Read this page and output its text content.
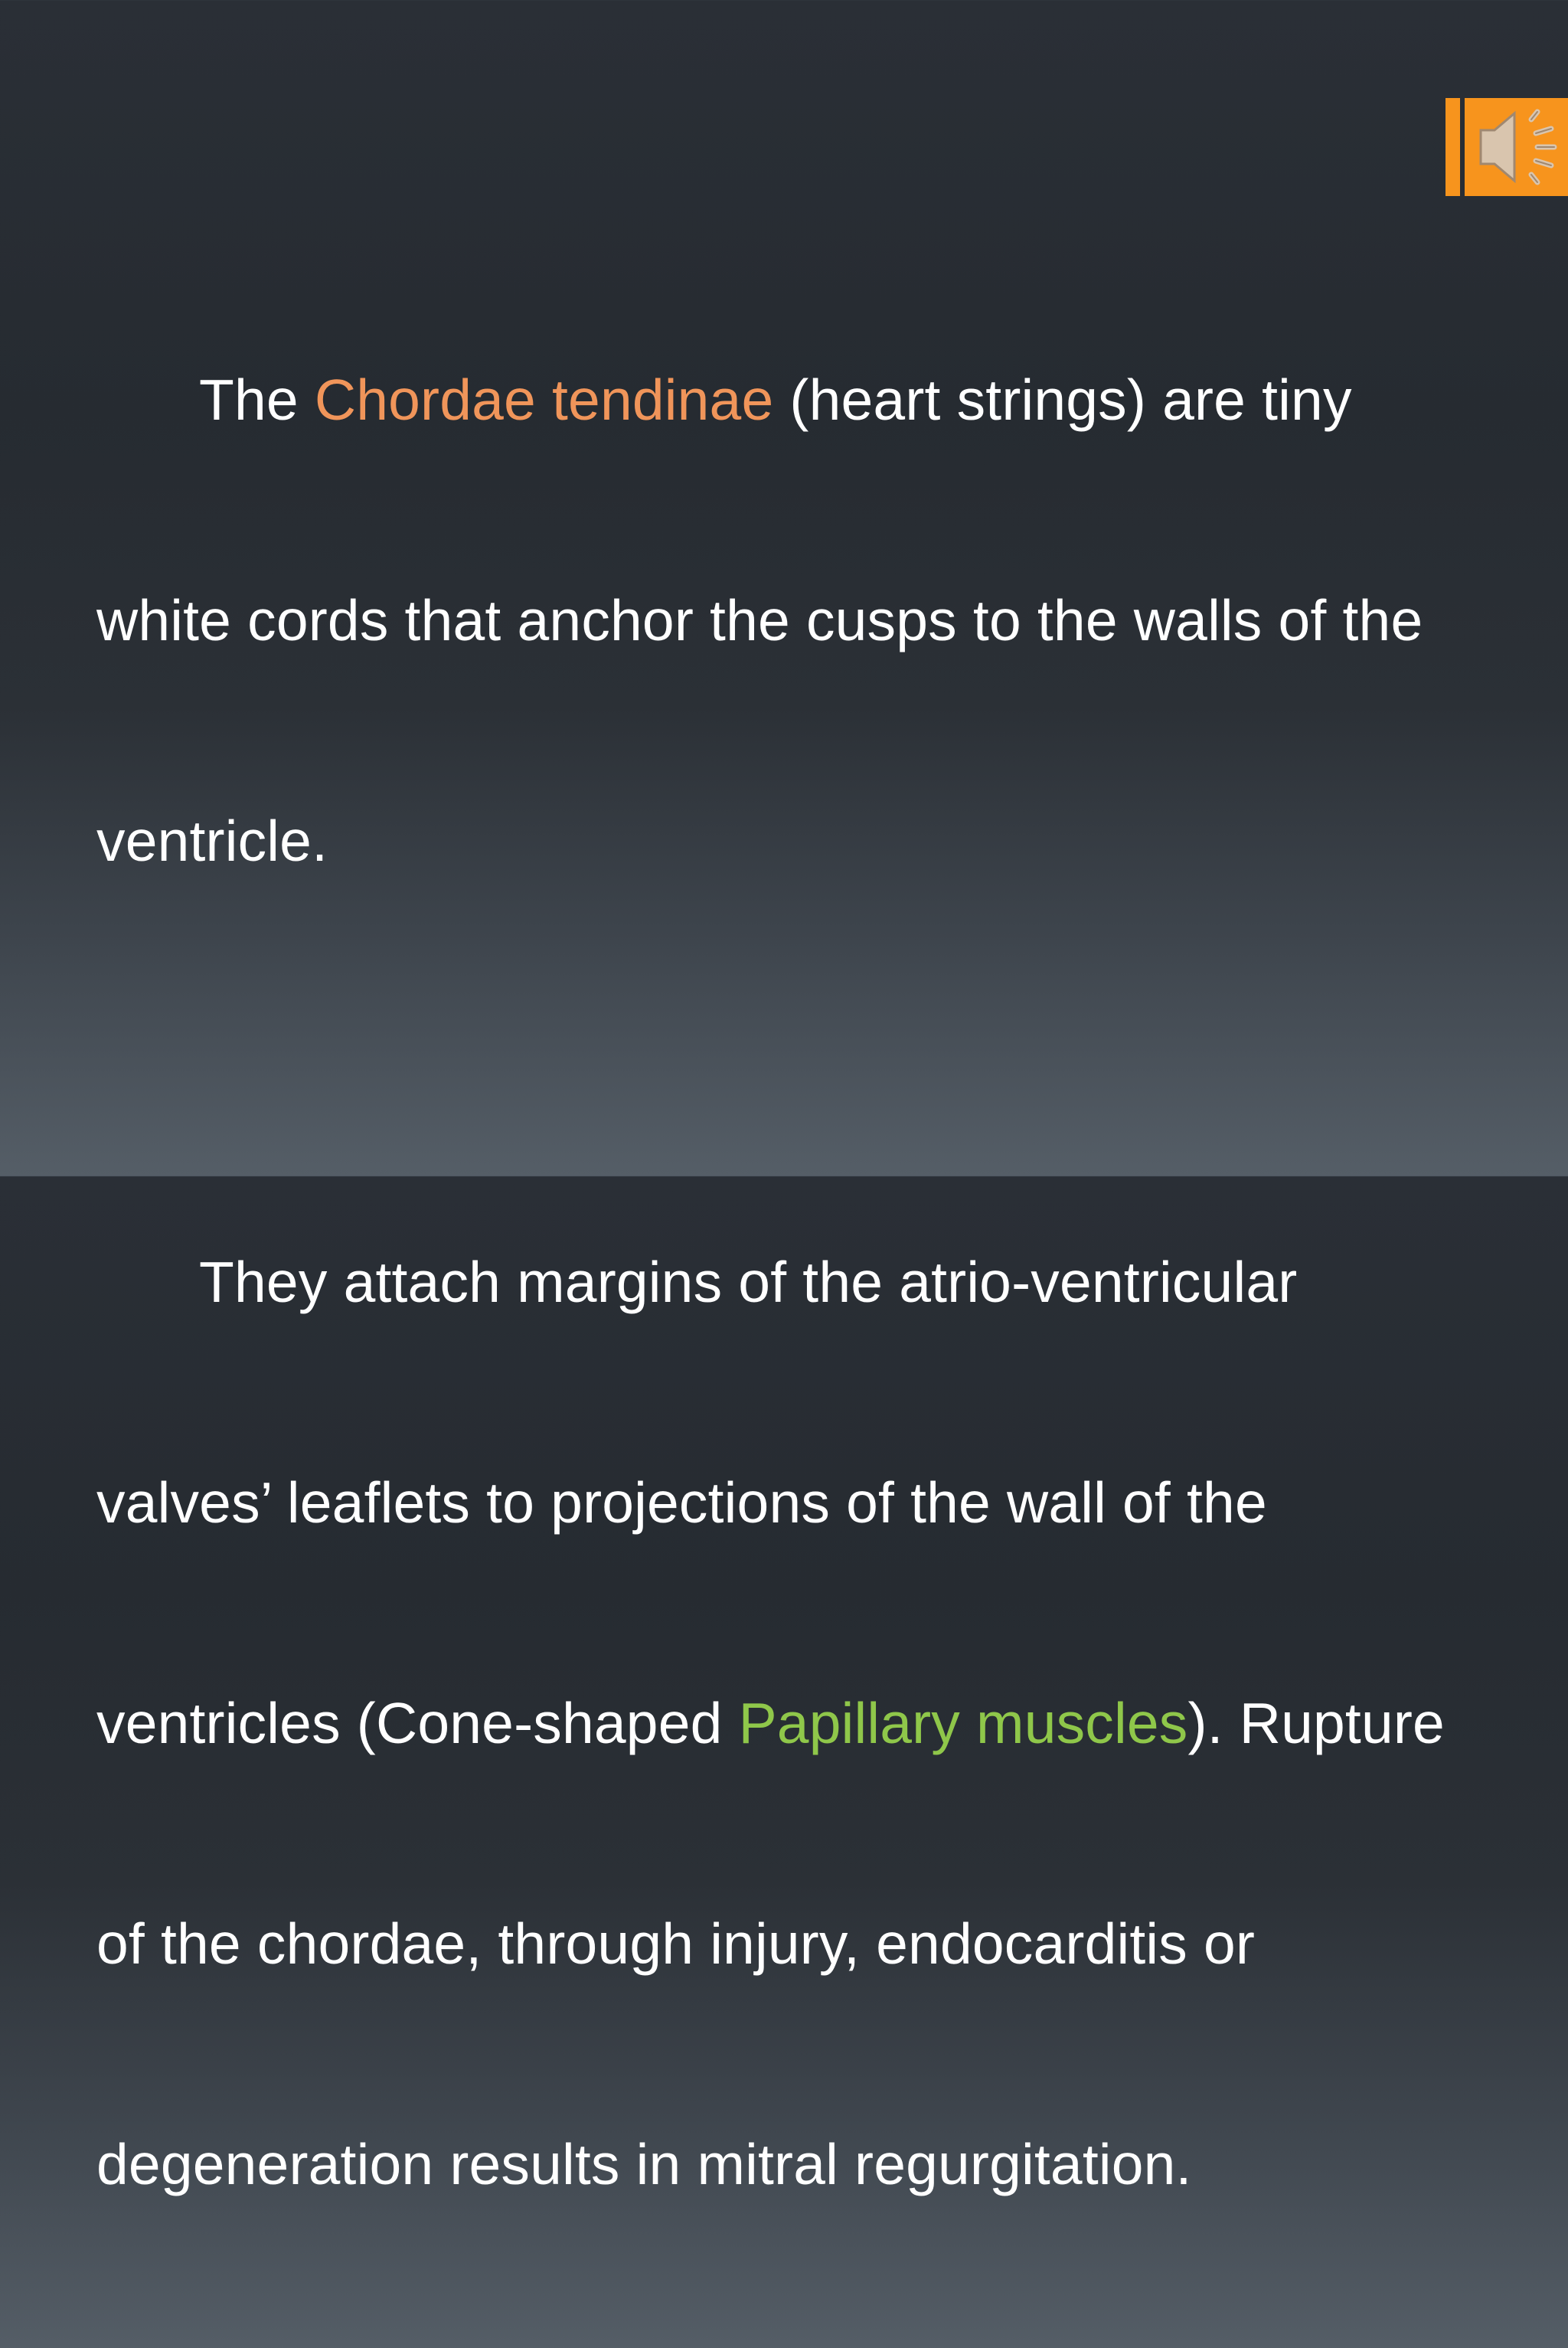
The Chordae tendinae (heart strings) are tiny

white cords that anchor the cusps to the walls of the

ventricle.

They attach margins of the atrio-ventricular

valves’ leaflets to projections of the wall of the

ventricles (Cone-shaped Papillary muscles). Rupture

of the chordae, through injury, endocarditis or

degeneration results in mitral regurgitation.
